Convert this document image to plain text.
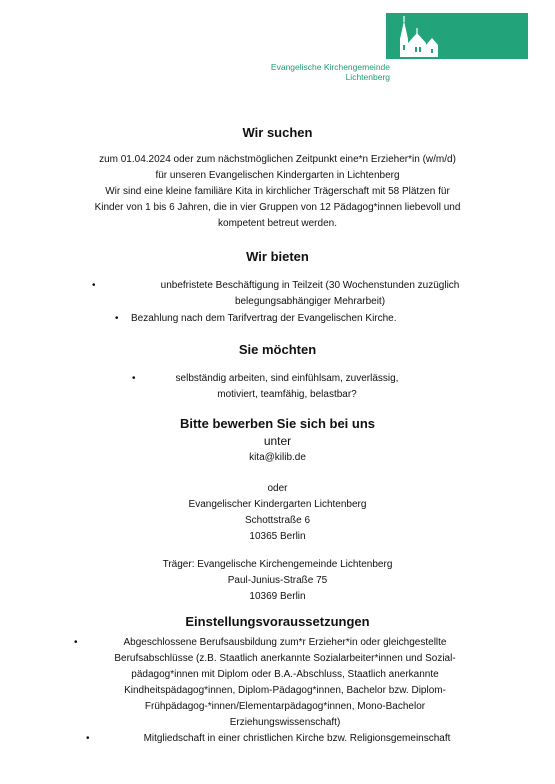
Evangelische Kirchengemeinde
Lichtenberg
Wir suchen

zum 01.04.2024 oder zum nächstmöglichen Zeitpunkt eine*n Erzieher*in (w/m/d)

für unseren Evangelischen Kindergarten in Lichtenberg

Wir sind eine kleine familiäre Kita in kirchlicher Trägerschaft mit 58 Plätzen für

Kinder von 1 bis 6 Jahren, die in vier Gruppen von 12 Pädagog*innen liebevoll und

kompetent betreut werden.

Wir bieten
•	unbefristete Beschäftigung in Teilzeit (30 Wochenstunden zuzüglich
belegungsabhängiger Mehrarbeit)
•	Bezahlung nach dem Tarifvertrag der Evangelischen Kirche.
Sie möchten
•	selbständig arbeiten, sind einfühlsam, zuverlässig,
motiviert, teamfähig, belastbar?
Bitte bewerben Sie sich bei uns
unter
kita@kilib.de
oder
Evangelischer Kindergarten Lichtenberg
Schottstraße 6
10365 Berlin
Träger: Evangelische Kirchengemeinde Lichtenberg
Paul-Junius-Straße 75
10369 Berlin
Einstellungsvoraussetzungen
•	Abgeschlossene Berufsausbildung zum*r Erzieher*in oder gleichgestellte
Berufsabschlüsse (z.B. Staatlich anerkannte Sozialarbeiter*innen und Sozial-
pädagog*innen mit Diplom oder B.A.-Abschluss, Staatlich anerkannte
Kindheitspädagog*innen, Diplom-Pädagog*innen, Bachelor bzw. Diplom-
Frühpädagog-*innen/Elementarpädagog*innen, Mono-Bachelor
Erziehungswissenschaft)
•	Mitgliedschaft in einer christlichen Kirche bzw. Religionsgemeinschaft
